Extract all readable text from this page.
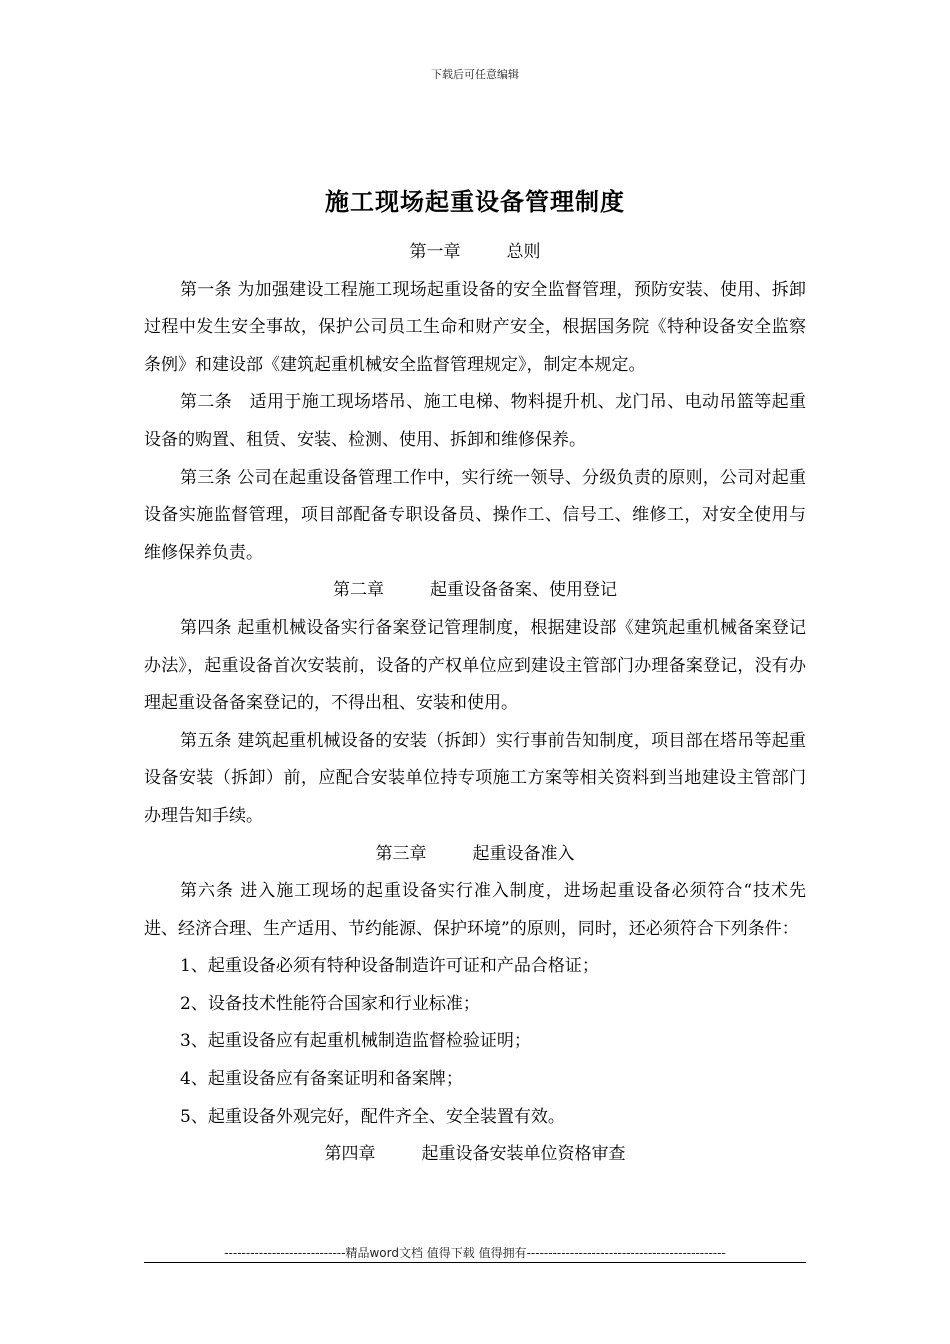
下载后可任意编辑
施工现场起重设备管理制度

第一章	总则

第一条 为加强建设工程施工现场起重设备的安全监督管理，预防安装、使用、拆卸过程中发生安全事故，保护公司员工生命和财产安全，根据国务院《特种设备安全监察条例》和建设部《建筑起重机械安全监督管理规定》，制定本规定。

第二条　适用于施工现场塔吊、施工电梯、物料提升机、龙门吊、电动吊篮等起重设备的购置、租赁、安装、检测、使用、拆卸和维修保养。

第三条 公司在起重设备管理工作中，实行统一领导、分级负责的原则，公司对起重设备实施监督管理，项目部配备专职设备员、操作工、信号工、维修工，对安全使用与维修保养负责。

第二章	起重设备备案、使用登记

第四条 起重机械设备实行备案登记管理制度，根据建设部《建筑起重机械备案登记办法》，起重设备首次安装前，设备的产权单位应到建设主管部门办理备案登记，没有办理起重设备备案登记的，不得出租、安装和使用。

第五条 建筑起重机械设备的安装（拆卸）实行事前告知制度，项目部在塔吊等起重设备安装（拆卸）前，应配合安装单位持专项施工方案等相关资料到当地建设主管部门办理告知手续。

第三章	起重设备准入

第六条 进入施工现场的起重设备实行准入制度，进场起重设备必须符合“技术先进、经济合理、生产适用、节约能源、保护环境”的原则，同时，还必须符合下列条件：

1、起重设备必须有特种设备制造许可证和产品合格证；

2、设备技术性能符合国家和行业标准；

3、起重设备应有起重机械制造监督检验证明；

4、起重设备应有备案证明和备案牌；

5、起重设备外观完好，配件齐全、安全装置有效。

第四章	起重设备安装单位资格审查

----------------------------精品word文档 值得下载 值得拥有----------------------------------------------
